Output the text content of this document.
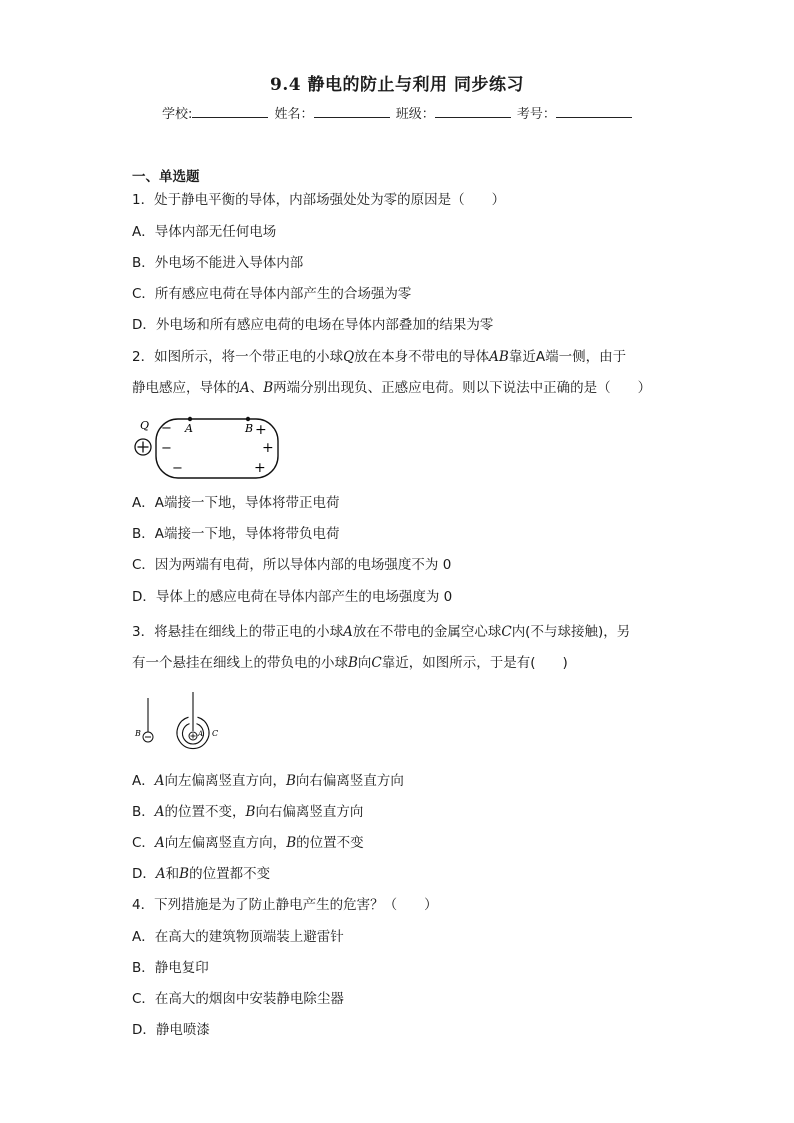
9.4 静电的防止与利用 同步练习
学校:	姓名：	班级：	考号：
一、单选题
1．处于静电平衡的导体，内部场强处处为零的原因是（　　）
A．导体内部无任何电场
B．外电场不能进入导体内部
C．所有感应电荷在导体内部产生的合场强为零
D．外电场和所有感应电荷的电场在导体内部叠加的结果为零
2．如图所示，将一个带正电的小球Q放在本身不带电的导体AB靠近A端一侧，由于
静电感应，导体的A、B两端分别出现负、正感应电荷。则以下说法中正确的是（　　）
Q − A	B +
−	+
−	+
A．A端接一下地，导体将带正电荷
B．A端接一下地，导体将带负电荷
C．因为两端有电荷，所以导体内部的电场强度不为 0
D．导体上的感应电荷在导体内部产生的电场强度为 0
3．将悬挂在细线上的带正电的小球A放在不带电的金属空心球C内(不与球接触)，另
有一个悬挂在细线上的带负电的小球B向C靠近，如图所示，于是有(　　)
B	A C
A．A向左偏离竖直方向，B向右偏离竖直方向
B．A的位置不变，B向右偏离竖直方向
C．A向左偏离竖直方向，B的位置不变
D．A和B的位置都不变
4．下列措施是为了防止静电产生的危害？（　　）
A．在高大的建筑物顶端装上避雷针
B．静电复印
C．在高大的烟囱中安装静电除尘器
D．静电喷漆
